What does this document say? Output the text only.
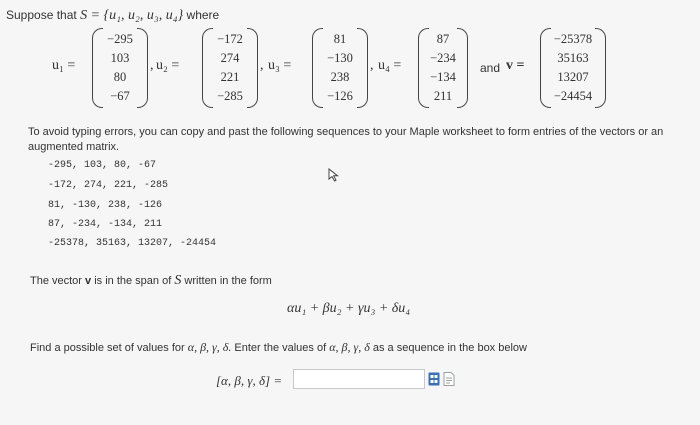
Suppose that S = {u₁, u₂, u₃, u₄} where
u₁ =
−295
103
80
−67
, u₂ =
−172
274
221
−285
, u₃ =
81
−130
238
−126
, u₄ =
87
−234
−134
211
and v =
−25378
35163
13207
−24454
To avoid typing errors, you can copy and past the following sequences to your Maple worksheet to form entries of the vectors or an augmented matrix.
-295, 103, 80, -67
-172, 274, 221, -285
81, -130, 238, -126
87, -234, -134, 211
-25378, 35163, 13207, -24454
The vector v is in the span of S written in the form
αu₁ + βu₂ + γu₃ + δu₄
Find a possible set of values for α, β, γ, δ. Enter the values of α, β, γ, δ as a sequence in the box below
[α, β, γ, δ] =
